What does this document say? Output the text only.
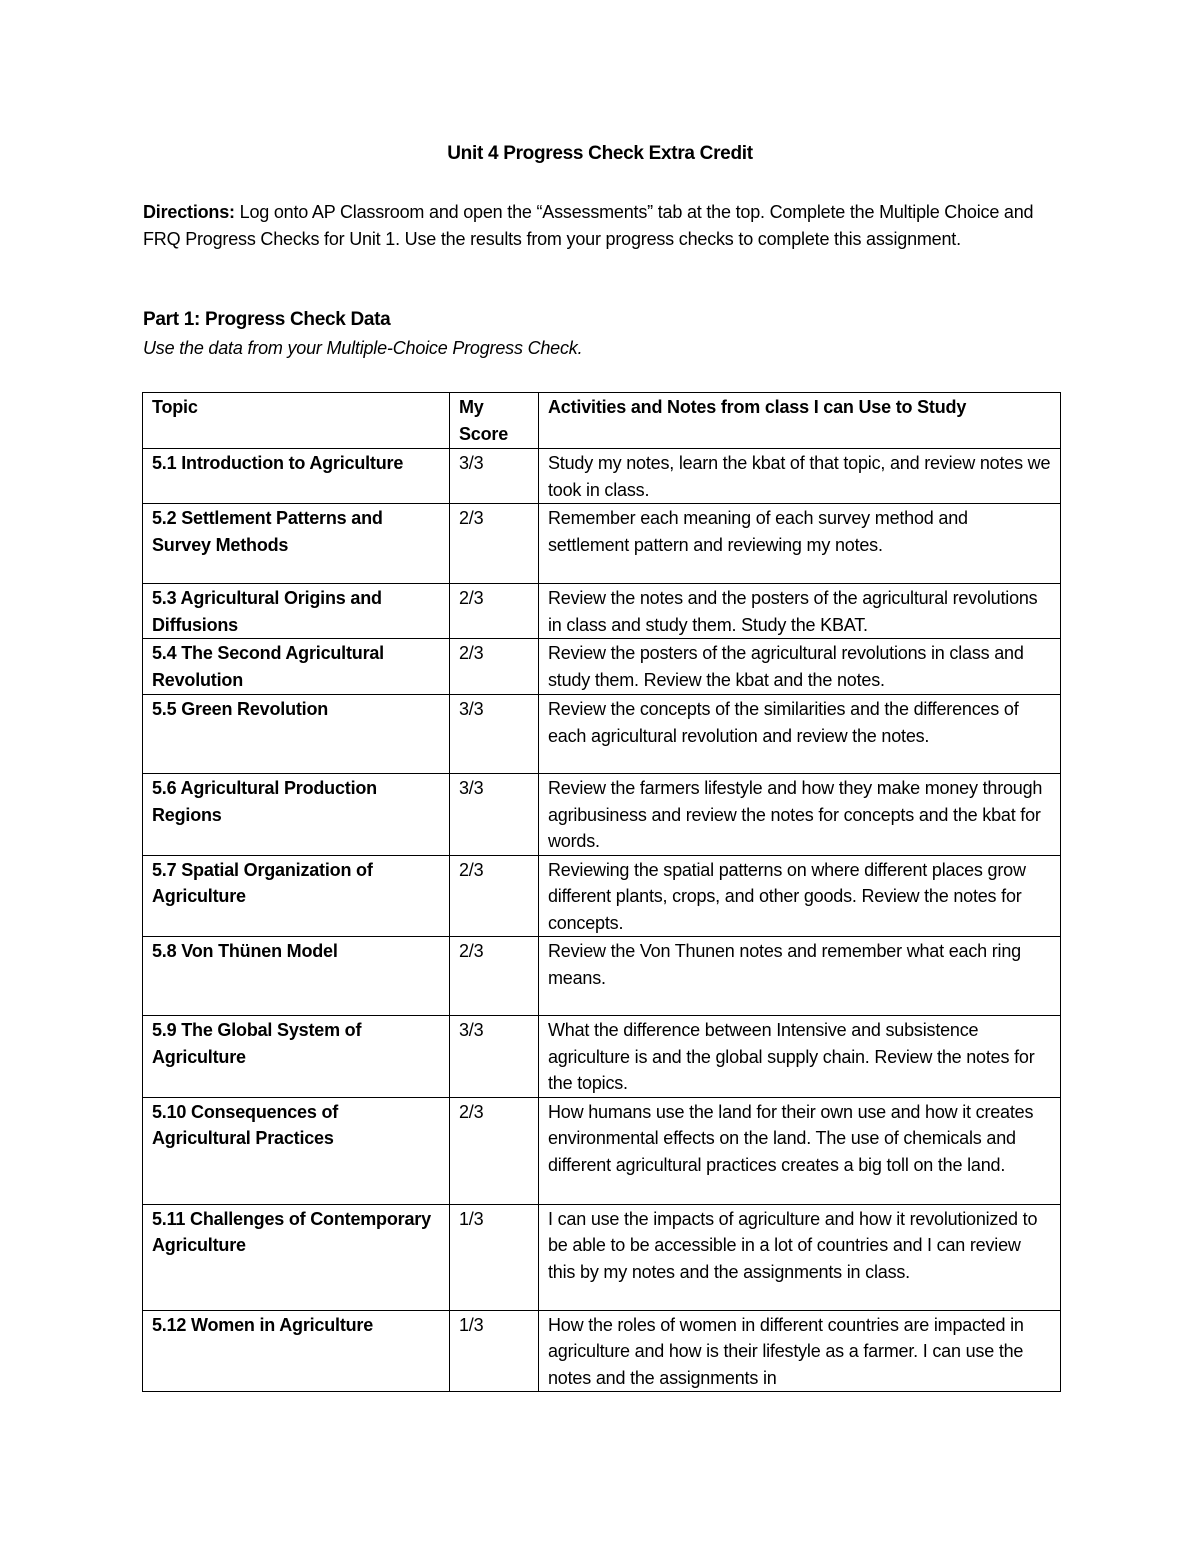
Unit 4 Progress Check Extra Credit
Directions: Log onto AP Classroom and open the “Assessments” tab at the top. Complete the Multiple Choice and FRQ Progress Checks for Unit 1. Use the results from your progress checks to complete this assignment.
Part 1: Progress Check Data
Use the data from your Multiple-Choice Progress Check.
Topic	My Score	Activities and Notes from class I can Use to Study
5.1 Introduction to Agriculture	3/3	Study my notes, learn the kbat of that topic, and review notes we took in class.
5.2 Settlement Patterns and Survey Methods	2/3	Remember each meaning of each survey method and settlement pattern and reviewing my notes.
5.3 Agricultural Origins and Diffusions	2/3	Review the notes and the posters of the agricultural revolutions in class and study them. Study the KBAT.
5.4 The Second Agricultural Revolution	2/3	Review the posters of the agricultural revolutions in class and study them. Review the kbat and the notes.
5.5 Green Revolution	3/3	Review the concepts of the similarities and the differences of each agricultural revolution and review the notes.
5.6 Agricultural Production Regions	3/3	Review the farmers lifestyle and how they make money through agribusiness and review the notes for concepts and the kbat for words.
5.7 Spatial Organization of Agriculture	2/3	Reviewing the spatial patterns on where different places grow different plants, crops, and other goods. Review the notes for concepts.
5.8 Von Thünen Model	2/3	Review the Von Thunen notes and remember what each ring means.
5.9 The Global System of Agriculture	3/3	What the difference between Intensive and subsistence agriculture is and the global supply chain. Review the notes for the topics.
5.10 Consequences of Agricultural Practices	2/3	How humans use the land for their own use and how it creates environmental effects on the land. The use of chemicals and different agricultural practices creates a big toll on the land.
5.11 Challenges of Contemporary Agriculture	1/3	I can use the impacts of agriculture and how it revolutionized to be able to be accessible in a lot of countries and I can review this by my notes and the assignments in class.
5.12 Women in Agriculture	1/3	How the roles of women in different countries are impacted in agriculture and how is their lifestyle as a farmer. I can use the notes and the assignments in
